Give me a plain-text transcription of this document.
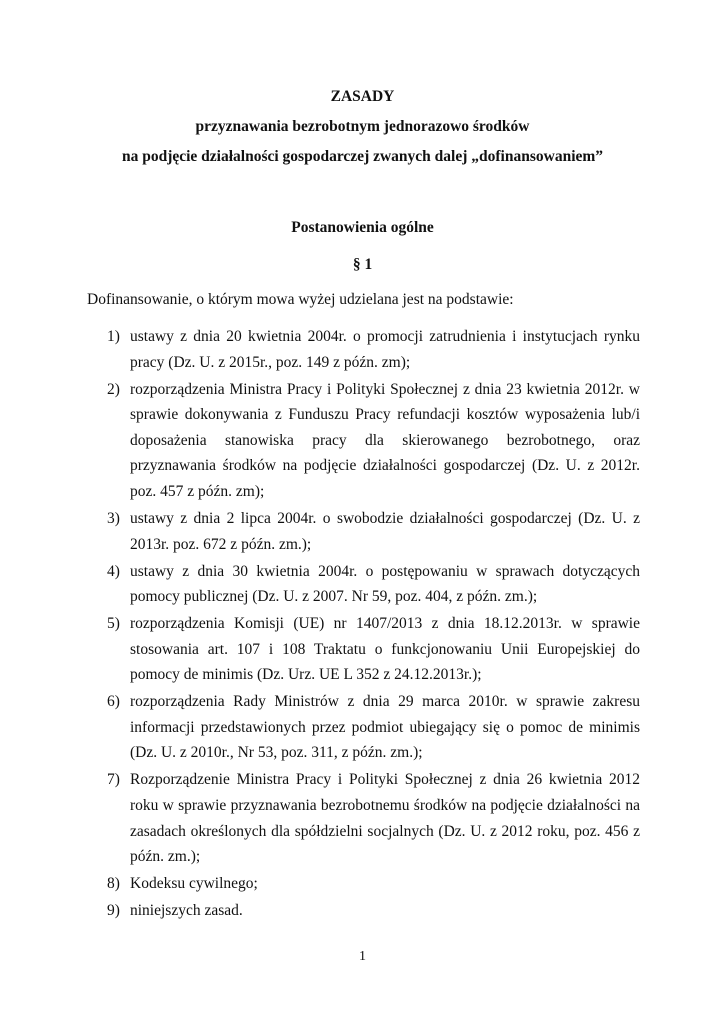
ZASADY
przyznawania bezrobotnym jednorazowo środków
na podjęcie działalności gospodarczej zwanych dalej „dofinansowaniem”
Postanowienia ogólne
§ 1
Dofinansowanie, o którym mowa wyżej udzielana jest na podstawie:
1) ustawy z dnia 20 kwietnia 2004r. o promocji zatrudnienia i instytucjach rynku pracy (Dz. U. z 2015r., poz. 149 z późn. zm);
2) rozporządzenia Ministra Pracy i Polityki Społecznej z dnia 23 kwietnia 2012r. w sprawie dokonywania z Funduszu Pracy refundacji kosztów wyposażenia lub/i doposażenia stanowiska pracy dla skierowanego bezrobotnego, oraz przyznawania środków na podjęcie działalności gospodarczej (Dz. U. z 2012r. poz. 457 z późn. zm);
3) ustawy z dnia 2 lipca 2004r. o swobodzie działalności gospodarczej (Dz. U. z 2013r. poz. 672 z późn. zm.);
4) ustawy z dnia 30 kwietnia 2004r. o postępowaniu w sprawach dotyczących pomocy publicznej (Dz. U. z 2007. Nr 59, poz. 404, z późn. zm.);
5) rozporządzenia Komisji (UE) nr 1407/2013 z dnia 18.12.2013r. w sprawie stosowania art. 107 i 108 Traktatu o funkcjonowaniu Unii Europejskiej do pomocy de minimis (Dz. Urz. UE L 352 z 24.12.2013r.);
6) rozporządzenia Rady Ministrów z dnia 29 marca 2010r. w sprawie zakresu informacji przedstawionych przez podmiot ubiegający się o pomoc de minimis (Dz. U. z 2010r., Nr 53, poz. 311, z późn. zm.);
7) Rozporządzenie Ministra Pracy i Polityki Społecznej z dnia 26 kwietnia 2012 roku w sprawie przyznawania bezrobotnemu środków na podjęcie działalności na zasadach określonych dla spółdzielni socjalnych (Dz. U. z 2012 roku, poz. 456 z późn. zm.);
8) Kodeksu cywilnego;
9) niniejszych zasad.
1
